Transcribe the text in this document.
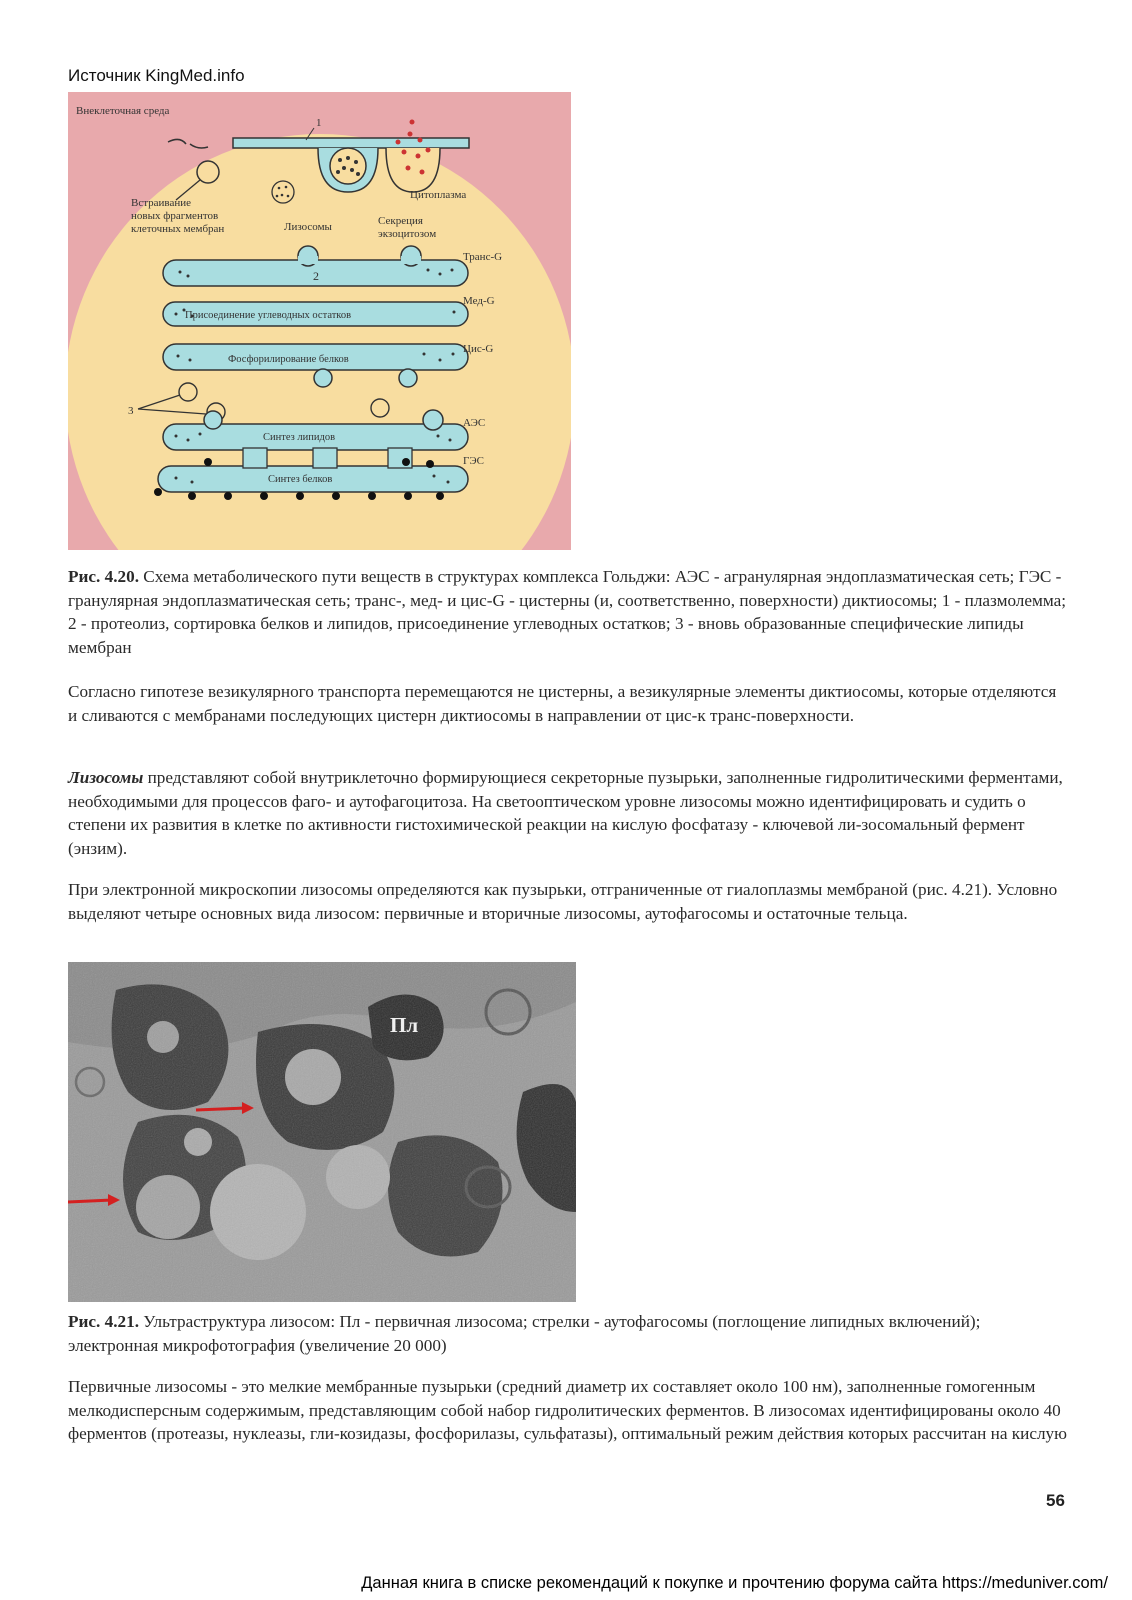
Источник KingMed.info
Внеклеточная среда
1
Цитоплазма
Встраивание
новых фрагментов
клеточных мембран	Лизосомы	Секреция
экзоцитозом
2
Транс-G
Мед-G
Цис-G
АЭС
ГЭС
3
Присоединение углеводных остатков
Фосфорилирование белков
Синтез липидов
Синтез белков

Рис. 4.20. Схема метаболического пути веществ в структурах комплекса Гольджи: АЭС - агранулярная эндоплазматическая сеть; ГЭС - гранулярная эндоплазматическая сеть; транс-, мед- и цис-G - цистерны (и, соответственно, поверхности) диктиосомы; 1 - плазмолемма; 2 - протеолиз, сортировка белков и липидов, присоединение углеводных остатков; 3 - вновь образованные специфические липиды мембран

Согласно гипотезе везикулярного транспорта перемещаются не цистерны, а везикулярные элементы диктиосомы, которые отделяются и сливаются с мембранами последующих цистерн диктиосомы в направлении от цис-к транс-поверхности.

Лизосомы представляют собой внутриклеточно формирующиеся секреторные пузырьки, заполненные гидролитическими ферментами, необходимыми для процессов фаго- и аутофагоцитоза. На светооптическом уровне лизосомы можно идентифицировать и судить о степени их развития в клетке по активности гистохимической реакции на кислую фосфатазу - ключевой ли-зосомальный фермент (энзим).

При электронной микроскопии лизосомы определяются как пузырьки, отграниченные от гиалоплазмы мембраной (рис. 4.21). Условно выделяют четыре основных вида лизосом: первичные и вторичные лизосомы, аутофагосомы и остаточные тельца.

Пл

Рис. 4.21. Ультраструктура лизосом: Пл - первичная лизосома; стрелки - аутофагосомы (поглощение липидных включений); электронная микрофотография (увеличение 20 000)

Первичные лизосомы - это мелкие мембранные пузырьки (средний диаметр их составляет около 100 нм), заполненные гомогенным мелкодисперсным содержимым, представляющим собой набор гидролитических ферментов. В лизосомах идентифицированы около 40 ферментов (протеазы, нуклеазы, гли-козидазы, фосфорилазы, сульфатазы), оптимальный режим действия которых рассчитан на кислую

56
Данная книга в списке рекомендаций к покупке и прочтению форума сайта https://meduniver.com/
